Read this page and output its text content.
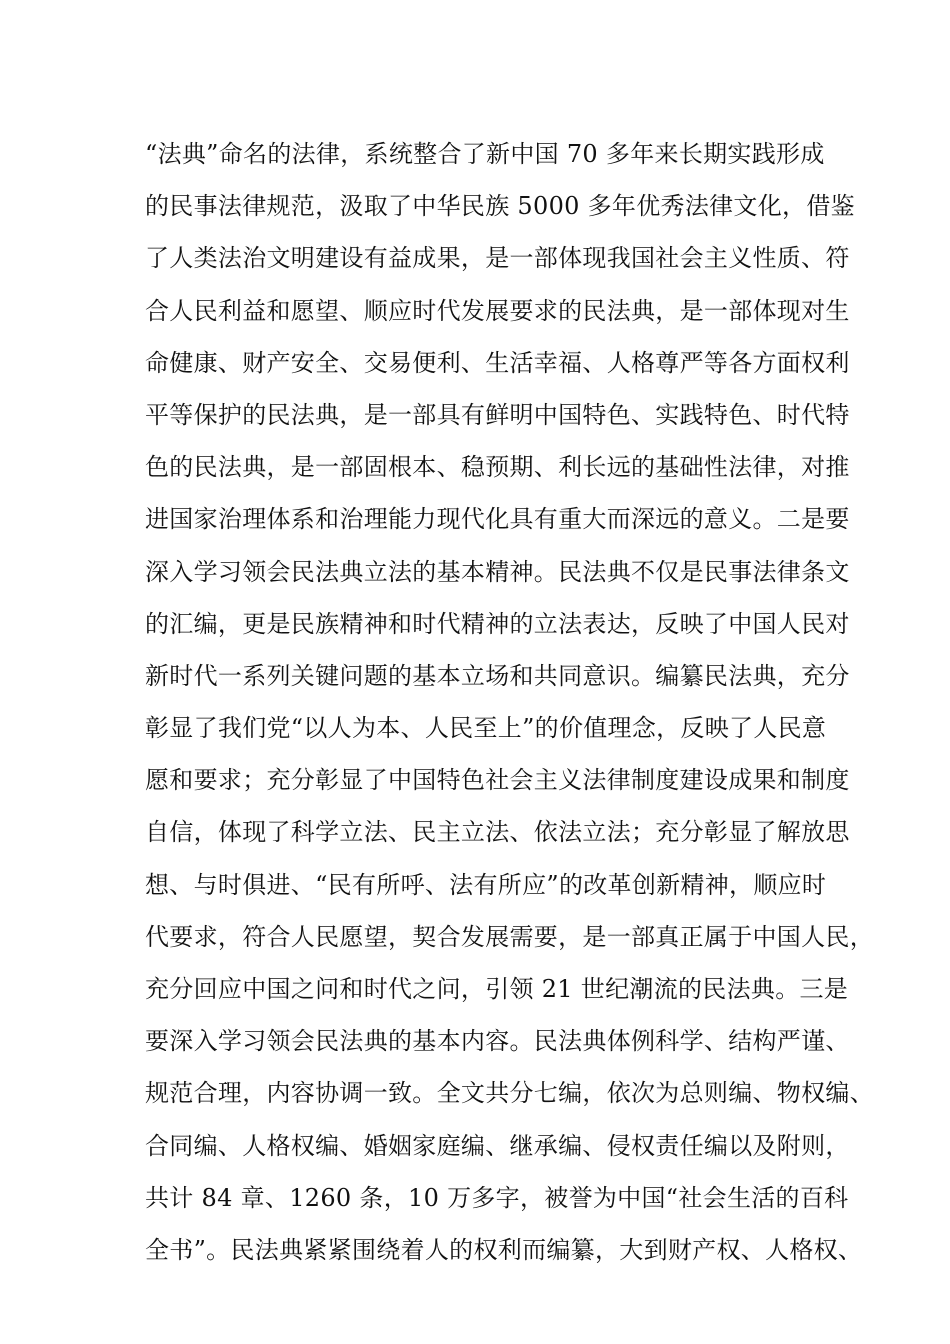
“法典”命名的法律，系统整合了新中国 70 多年来长期实践形成
的民事法律规范，汲取了中华民族 5000 多年优秀法律文化，借鉴
了人类法治文明建设有益成果，是一部体现我国社会主义性质、符
合人民利益和愿望、顺应时代发展要求的民法典，是一部体现对生
命健康、财产安全、交易便利、生活幸福、人格尊严等各方面权利
平等保护的民法典，是一部具有鲜明中国特色、实践特色、时代特
色的民法典，是一部固根本、稳预期、利长远的基础性法律，对推
进国家治理体系和治理能力现代化具有重大而深远的意义。二是要
深入学习领会民法典立法的基本精神。民法典不仅是民事法律条文
的汇编，更是民族精神和时代精神的立法表达，反映了中国人民对
新时代一系列关键问题的基本立场和共同意识。编纂民法典，充分
彰显了我们党“以人为本、人民至上”的价值理念，反映了人民意
愿和要求；充分彰显了中国特色社会主义法律制度建设成果和制度
自信，体现了科学立法、民主立法、依法立法；充分彰显了解放思
想、与时俱进、“民有所呼、法有所应”的改革创新精神，顺应时
代要求，符合人民愿望，契合发展需要，是一部真正属于中国人民，
充分回应中国之问和时代之问，引领 21 世纪潮流的民法典。三是
要深入学习领会民法典的基本内容。民法典体例科学、结构严谨、
规范合理，内容协调一致。全文共分七编，依次为总则编、物权编、
合同编、人格权编、婚姻家庭编、继承编、侵权责任编以及附则，
共计 84 章、1260 条，10 万多字，被誉为中国“社会生活的百科
全书”。民法典紧紧围绕着人的权利而编纂，大到财产权、人格权、
